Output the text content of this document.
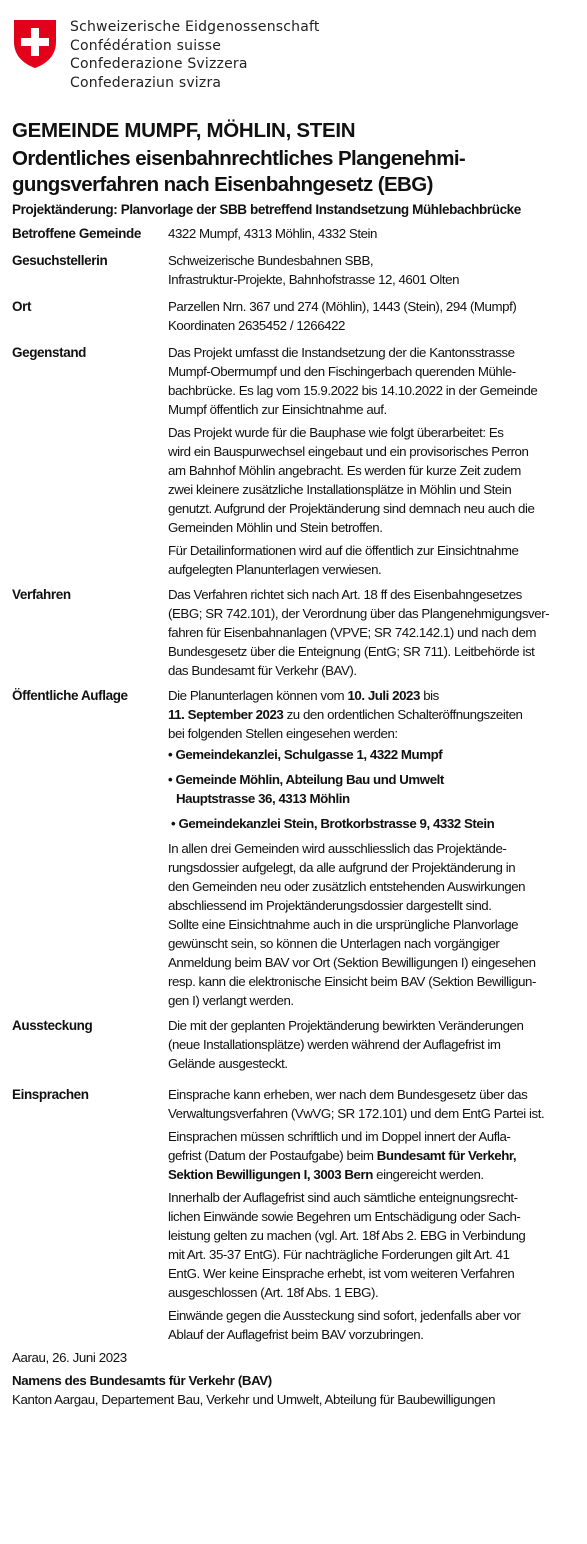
Schweizerische Eidgenossenschaft
Confédération suisse
Confederazione Svizzera
Confederaziun svizra
GEMEINDE MUMPF, MÖHLIN, STEIN
Ordentliches eisenbahnrechtliches Plangenehmi-
gungsverfahren nach Eisenbahngesetz (EBG)
Projektänderung: Planvorlage der SBB betreffend Instandsetzung Mühlebachbrücke
Betroffene Gemeinde	4322 Mumpf, 4313 Möhlin, 4332 Stein
Gesuchstellerin	Schweizerische Bundesbahnen SBB,
Infrastruktur-Projekte, Bahnhofstrasse 12, 4601 Olten
Ort	Parzellen Nrn. 367 und 274 (Möhlin), 1443 (Stein), 294 (Mumpf)
Koordinaten 2635452 / 1266422
Gegenstand	Das Projekt umfasst die Instandsetzung der die Kantonsstrasse
Mumpf-Obermumpf und den Fischingerbach querenden Mühle-
bachbrücke. Es lag vom 15.9.2022 bis 14.10.2022 in der Gemeinde
Mumpf öffentlich zur Einsichtnahme auf.

Das Projekt wurde für die Bauphase wie folgt überarbeitet: Es
wird ein Bauspurwechsel eingebaut und ein provisorisches Perron
am Bahnhof Möhlin angebracht. Es werden für kurze Zeit zudem
zwei kleinere zusätzliche Installationsplätze in Möhlin und Stein
genutzt. Aufgrund der Projektänderung sind demnach neu auch die
Gemeinden Möhlin und Stein betroffen.

Für Detailinformationen wird auf die öffentlich zur Einsichtnahme
aufgelegten Planunterlagen verwiesen.

Verfahren	Das Verfahren richtet sich nach Art. 18 ff des Eisenbahngesetzes
(EBG; SR 742.101), der Verordnung über das Plangenehmigungsver-
fahren für Eisenbahnanlagen (VPVE; SR 742.142.1) und nach dem
Bundesgesetz über die Enteignung (EntG; SR 711). Leitbehörde ist
das Bundesamt für Verkehr (BAV).

Öffentliche Auflage	Die Planunterlagen können vom 10. Juli 2023 bis
11. September 2023 zu den ordentlichen Schalteröffnungszeiten
bei folgenden Stellen eingesehen werden:
• Gemeindekanzlei, Schulgasse 1, 4322 Mumpf
• Gemeinde Möhlin, Abteilung Bau und Umwelt
Hauptstrasse 36, 4313 Möhlin
• Gemeindekanzlei Stein, Brotkorbstrasse 9, 4332 Stein

In allen drei Gemeinden wird ausschliesslich das Projektände-
rungsdossier aufgelegt, da alle aufgrund der Projektänderung in
den Gemeinden neu oder zusätzlich entstehenden Auswirkungen
abschliessend im Projektänderungsdossier dargestellt sind.
Sollte eine Einsichtnahme auch in die ursprüngliche Planvorlage
gewünscht sein, so können die Unterlagen nach vorgängiger
Anmeldung beim BAV vor Ort (Sektion Bewilligungen I) eingesehen
resp. kann die elektronische Einsicht beim BAV (Sektion Bewilligun-
gen I) verlangt werden.

Aussteckung	Die mit der geplanten Projektänderung bewirkten Veränderungen
(neue Installationsplätze) werden während der Auflagefrist im
Gelände ausgesteckt.

Einsprachen	Einsprache kann erheben, wer nach dem Bundesgesetz über das
Verwaltungsverfahren (VwVG; SR 172.101) und dem EntG Partei ist.

Einsprachen müssen schriftlich und im Doppel innert der Aufla-
gefrist (Datum der Postaufgabe) beim Bundesamt für Verkehr,
Sektion Bewilligungen I, 3003 Bern eingereicht werden.

Innerhalb der Auflagefrist sind auch sämtliche enteignungsrecht-
lichen Einwände sowie Begehren um Entschädigung oder Sach-
leistung gelten zu machen (vgl. Art. 18f Abs 2. EBG in Verbindung
mit Art. 35-37 EntG). Für nachträgliche Forderungen gilt Art. 41
EntG. Wer keine Einsprache erhebt, ist vom weiteren Verfahren
ausgeschlossen (Art. 18f Abs. 1 EBG).

Einwände gegen die Aussteckung sind sofort, jedenfalls aber vor
Ablauf der Auflagefrist beim BAV vorzubringen.

Aarau, 26. Juni 2023
Namens des Bundesamts für Verkehr (BAV)
Kanton Aargau, Departement Bau, Verkehr und Umwelt, Abteilung für Baubewilligungen
